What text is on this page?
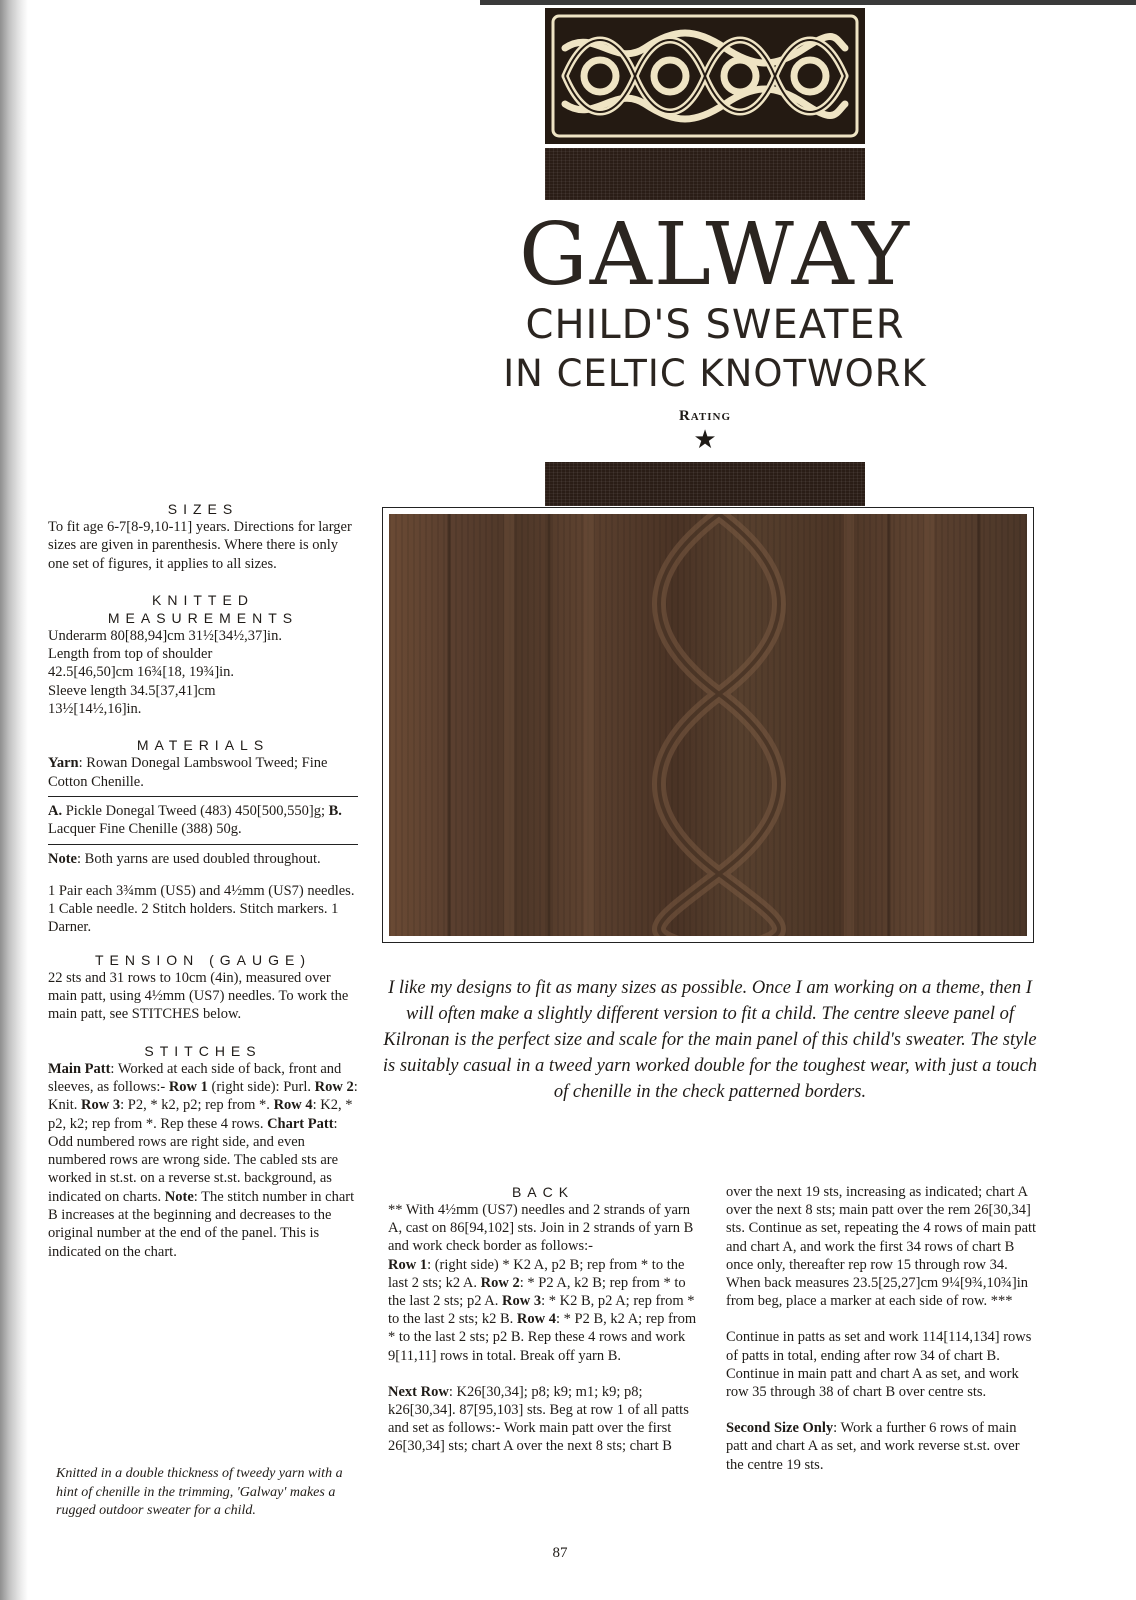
GALWAY
CHILD'S SWEATER
IN CELTIC KNOTWORK
Rating
★
I like my designs to fit as many sizes as possible. Once I am working on a theme, then I will often make a slightly different version to fit a child. The centre sleeve panel of Kilronan is the perfect size and scale for the main panel of this child's sweater. The style is suitably casual in a tweed yarn worked double for the toughest wear, with just a touch of chenille in the check patterned borders.
SIZES

To fit age 6-7[8-9,10-11] years. Directions for larger sizes are given in parenthesis. Where there is only one set of figures, it applies to all sizes.

KNITTED
MEASUREMENTS
Underarm 80[88,94]cm 31½[34½,37]in.
Length from top of shoulder
42.5[46,50]cm 16¾[18, 19¾]in.
Sleeve length 34.5[37,41]cm
13½[14½,16]in.
MATERIALS

Yarn: Rowan Donegal Lambswool Tweed; Fine Cotton Chenille.

A. Pickle Donegal Tweed (483) 450[500,550]g; B. Lacquer Fine Chenille (388) 50g.

Note: Both yarns are used doubled throughout.

1 Pair each 3¾mm (US5) and 4½mm (US7) needles. 1 Cable needle. 2 Stitch holders. Stitch markers. 1 Darner.

TENSION (GAUGE)

22 sts and 31 rows to 10cm (4in), measured over main patt, using 4½mm (US7) needles. To work the main patt, see STITCHES below.

STITCHES

Main Patt: Worked at each side of back, front and sleeves, as follows:- Row 1 (right side): Purl. Row 2: Knit. Row 3: P2, * k2, p2; rep from *. Row 4: K2, * p2, k2; rep from *. Rep these 4 rows. Chart Patt: Odd numbered rows are right side, and even numbered rows are wrong side. The cabled sts are worked in st.st. on a reverse st.st. background, as indicated on charts. Note: The stitch number in chart B increases at the beginning and decreases to the original number at the end of the panel. This is indicated on the chart.

Knitted in a double thickness of tweedy yarn with a hint of chenille in the trimming, 'Galway' makes a rugged outdoor sweater for a child.
BACK

** With 4½mm (US7) needles and 2 strands of yarn A, cast on 86[94,102] sts. Join in 2 strands of yarn B and work check border as follows:-

Row 1: (right side) * K2 A, p2 B; rep from * to the last 2 sts; k2 A. Row 2: * P2 A, k2 B; rep from * to the last 2 sts; p2 A. Row 3: * K2 B, p2 A; rep from * to the last 2 sts; k2 B. Row 4: * P2 B, k2 A; rep from * to the last 2 sts; p2 B. Rep these 4 rows and work 9[11,11] rows in total. Break off yarn B.

Next Row: K26[30,34]; p8; k9; m1; k9; p8; k26[30,34]. 87[95,103] sts. Beg at row 1 of all patts and set as follows:- Work main patt over the first 26[30,34] sts; chart A over the next 8 sts; chart B

over the next 19 sts, increasing as indicated; chart A over the next 8 sts; main patt over the rem 26[30,34] sts. Continue as set, repeating the 4 rows of main patt and chart A, and work the first 34 rows of chart B once only, thereafter rep row 15 through row 34. When back measures 23.5[25,27]cm 9¼[9¾,10¾]in from beg, place a marker at each side of row. ***

Continue in patts as set and work 114[114,134] rows of patts in total, ending after row 34 of chart B. Continue in main patt and chart A as set, and work row 35 through 38 of chart B over centre sts.

Second Size Only: Work a further 6 rows of main patt and chart A as set, and work reverse st.st. over the centre 19 sts.

87
